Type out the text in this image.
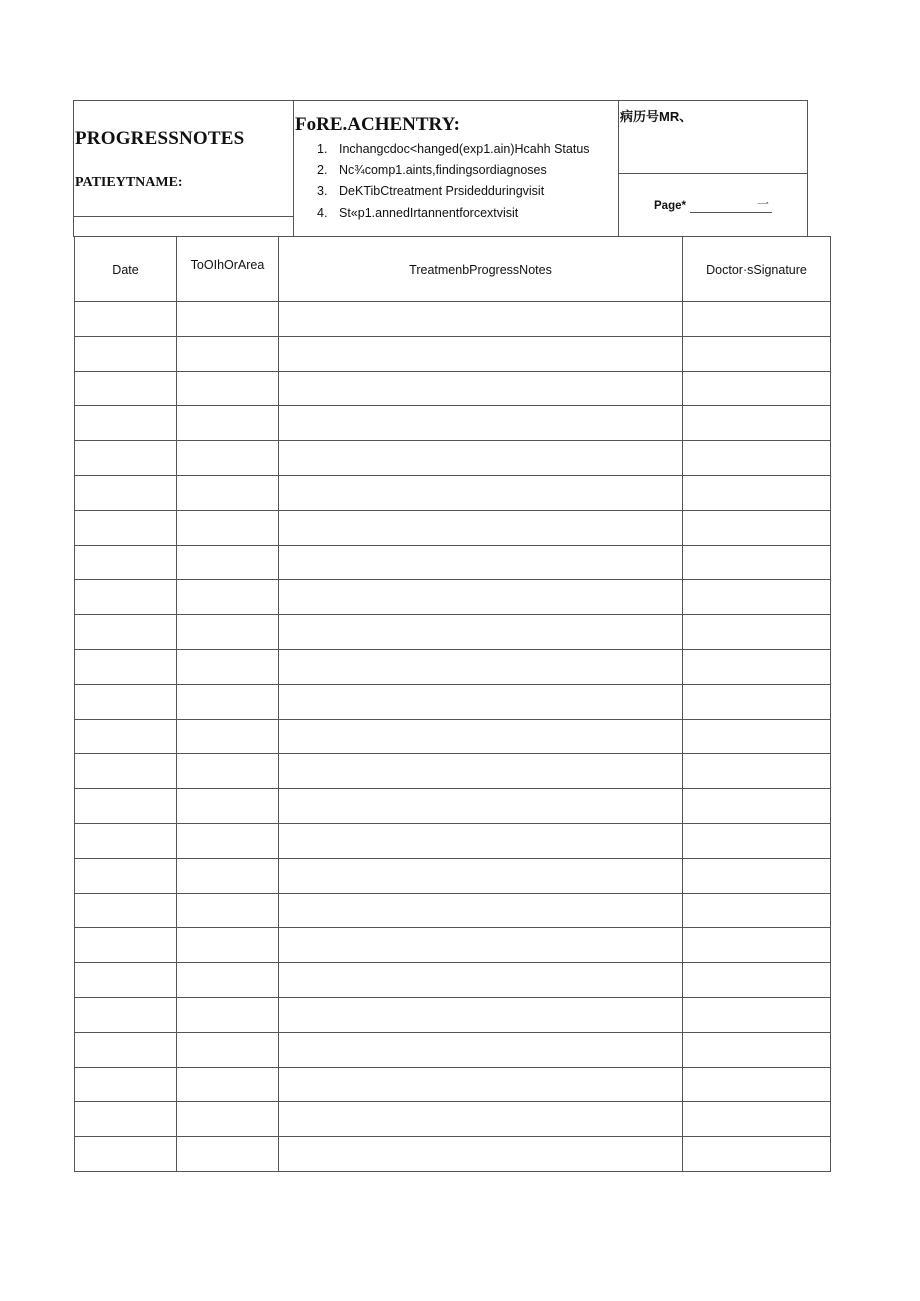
PROGRESSNOTES
PATIEYTNAME:
FoRE.ACHENTRY:
1. Inchangcdoc<hanged(exp1.ain)Hcahh Status
2. Nc¾comp1.aints,findingsordiagnoses
3. DeKTibCtreatment Prsidedduringvisit
4. St«p1.annedIrtannentforcextvisit
病历号MR、
Page*	一
Date	ToOIhOrArea	TreatmenbProgressNotes	Doctor·sSignature
